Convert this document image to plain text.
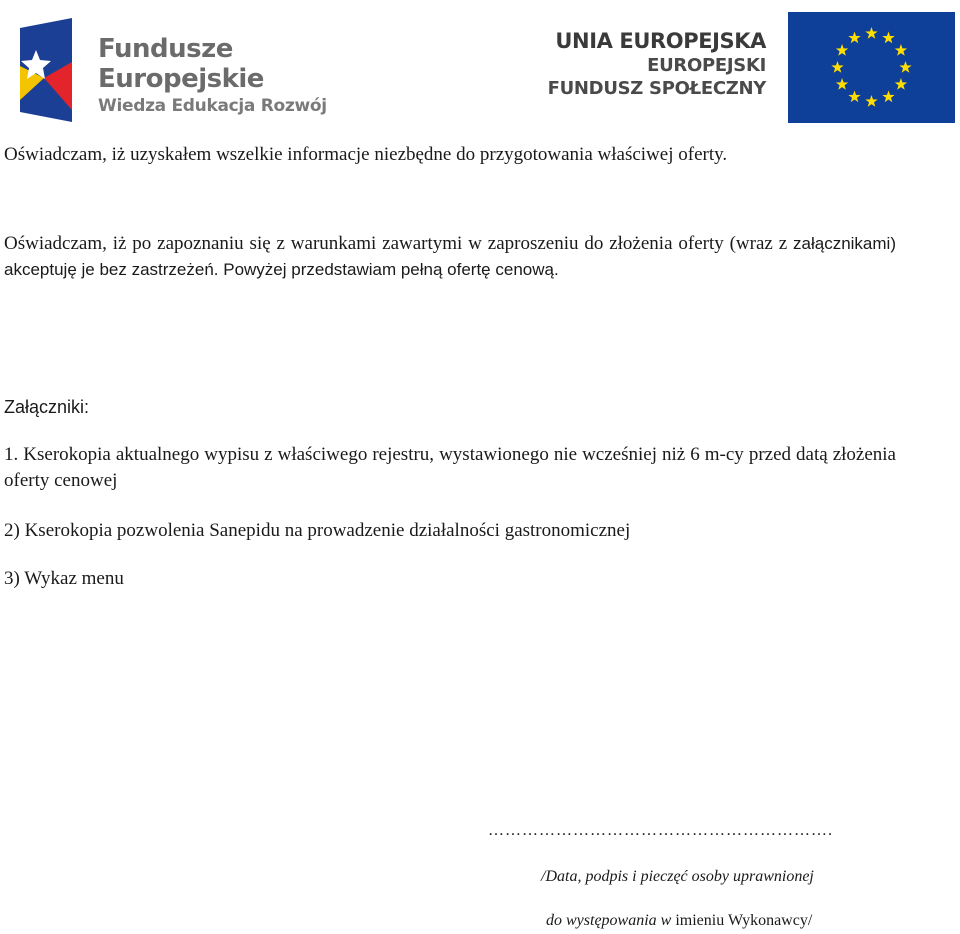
Fundusze
Europejskie
Wiedza Edukacja Rozwój
UNIA EUROPEJSKA
EUROPEJSKI
FUNDUSZ SPOŁECZNY
Oświadczam, iż uzyskałem wszelkie informacje niezbędne do przygotowania właściwej oferty.
Oświadczam, iż po zapoznaniu się z warunkami zawartymi w zaproszeniu do złożenia oferty (wraz z załącznikami) akceptuję je bez zastrzeżeń. Powyżej przedstawiam pełną ofertę cenową.
Załączniki:
1. Kserokopia aktualnego wypisu z właściwego rejestru, wystawionego nie wcześniej niż 6 m-cy przed datą złożenia oferty cenowej
2) Kserokopia pozwolenia Sanepidu na prowadzenie działalności gastronomicznej
3) Wykaz menu
…………………………………………………….
/Data, podpis i pieczęć osoby uprawnionej
do występowania w imieniu Wykonawcy/
